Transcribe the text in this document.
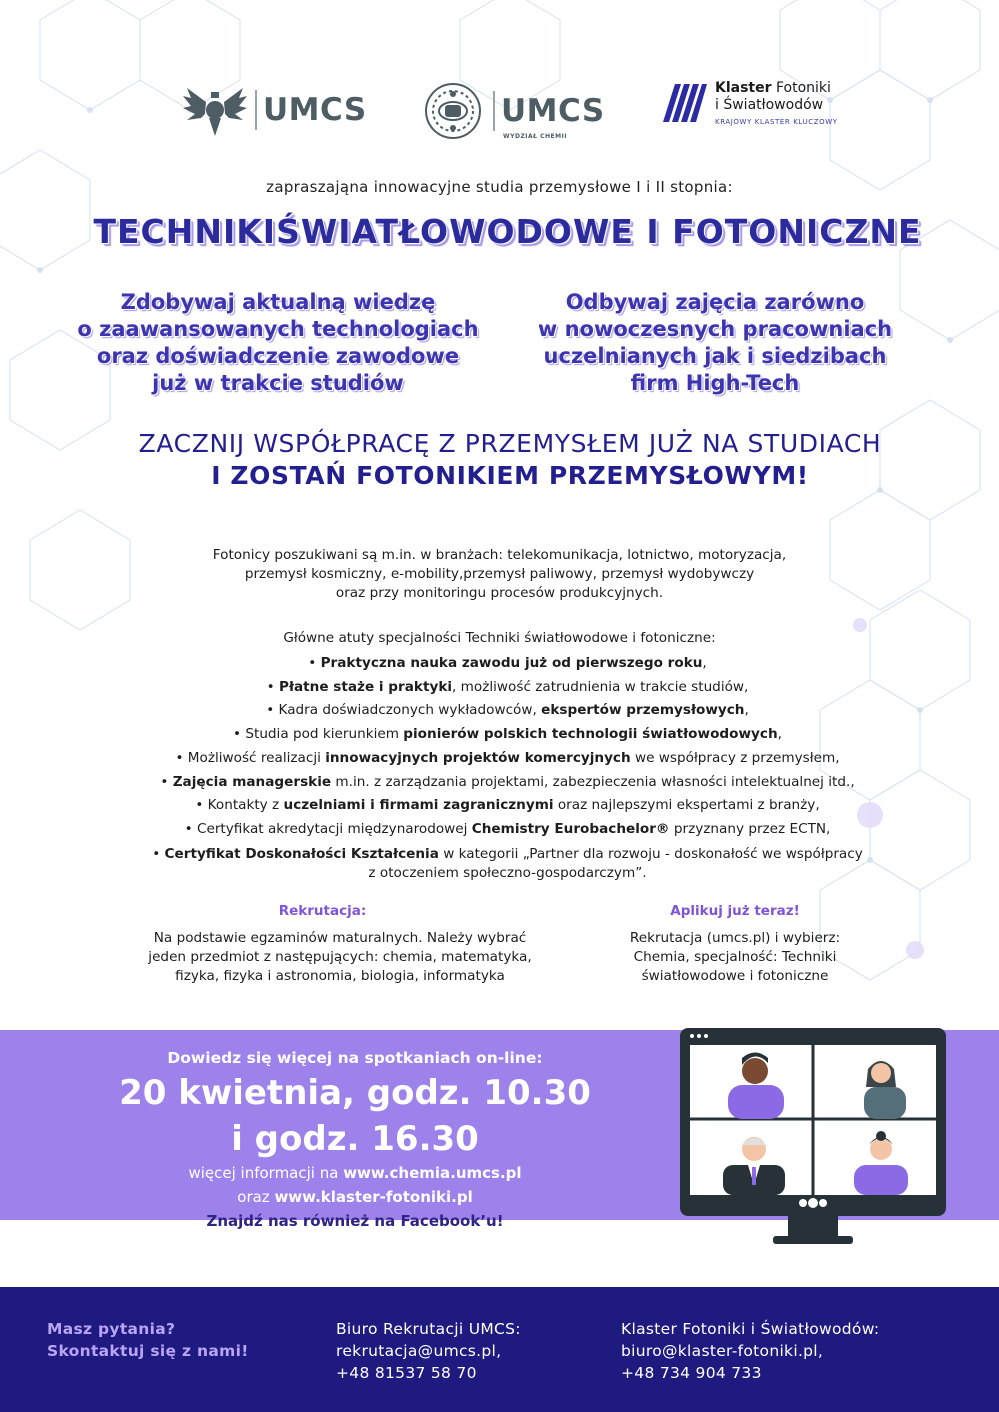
UMCS	UMCS
WYDZIAŁ CHEMII
Klaster Fotoniki
i Światłowodów
KRAJOWY KLASTER KLUCZOWY
zapraszająna innowacyjne studia przemysłowe I i II stopnia:
TECHNIKIŚWIATŁOWODOWE I FOTONICZNE
Zdobywaj aktualną wiedzę
o zaawansowanych technologiach
oraz doświadczenie zawodowe
już w trakcie studiów
Odbywaj zajęcia zarówno
w nowoczesnych pracowniach
uczelnianych jak i siedzibach
firm High-Tech
ZACZNIJ WSPÓŁPRACĘ Z PRZEMYSŁEM JUŻ NA STUDIACH
I ZOSTAŃ FOTONIKIEM PRZEMYSŁOWYM!
Fotonicy poszukiwani są m.in. w branżach: telekomunikacja, lotnictwo, motoryzacja,
przemysł kosmiczny, e-mobility,przemysł paliwowy, przemysł wydobywczy
oraz przy monitoringu procesów produkcyjnych.
Główne atuty specjalności Techniki światłowodowe i fotoniczne:
• Praktyczna nauka zawodu już od pierwszego roku,
• Płatne staże i praktyki, możliwość zatrudnienia w trakcie studiów,
• Kadra doświadczonych wykładowców, ekspertów przemysłowych,
• Studia pod kierunkiem pionierów polskich technologii światłowodowych,
• Możliwość realizacji innowacyjnych projektów komercyjnych we współpracy z przemysłem,
• Zajęcia managerskie m.in. z zarządzania projektami, zabezpieczenia własności intelektualnej itd.,
• Kontakty z uczelniami i firmami zagranicznymi oraz najlepszymi ekspertami z branży,
• Certyfikat akredytacji międzynarodowej Chemistry Eurobachelor® przyznany przez ECTN,
• Certyfikat Doskonałości Kształcenia w kategorii „Partner dla rozwoju - doskonałość we współpracy
z otoczeniem społeczno-gospodarczym”.
Rekrutacja:
Na podstawie egzaminów maturalnych. Należy wybrać
jeden przedmiot z następujących: chemia, matematyka,
fizyka, fizyka i astronomia, biologia, informatyka
Aplikuj już teraz!
Rekrutacja (umcs.pl) i wybierz:
Chemia, specjalność: Techniki
światłowodowe i fotoniczne
Dowiedz się więcej na spotkaniach on-line:
20 kwietnia, godz. 10.30
i godz. 16.30
więcej informacji na www.chemia.umcs.pl
oraz www.klaster-fotoniki.pl
Znajdź nas również na Facebook’u!
Masz pytania?
Skontaktuj się z nami!
Biuro Rekrutacji UMCS:
rekrutacja@umcs.pl,
+48 81537 58 70
Klaster Fotoniki i Światłowodów:
biuro@klaster-fotoniki.pl,
+48 734 904 733
